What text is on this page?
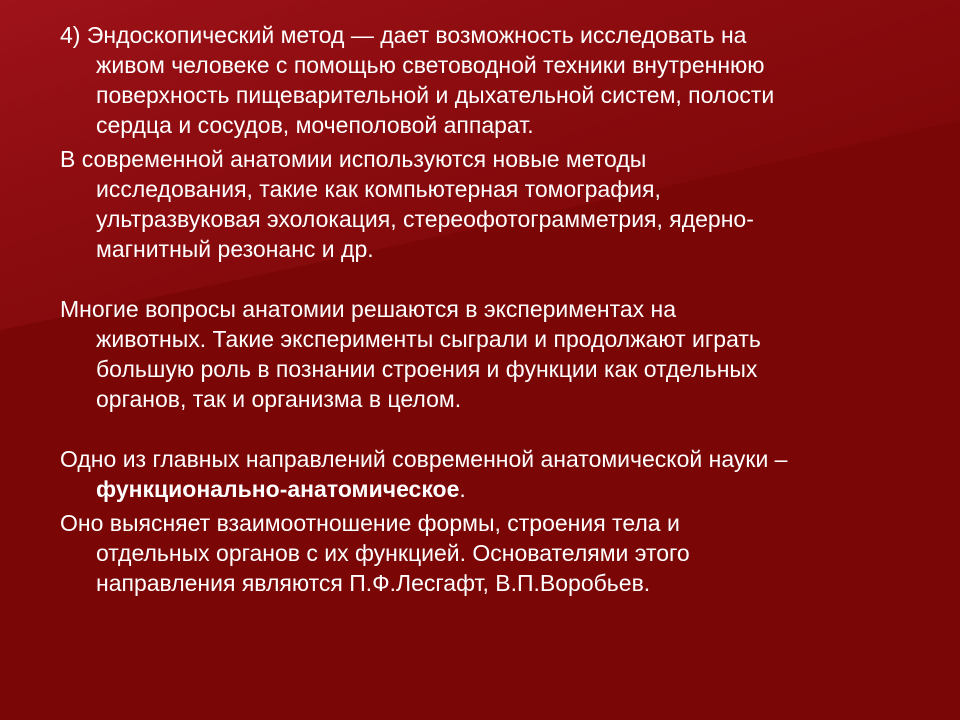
4) Эндоскопический метод — дает возможность исследовать на
живом человеке с помощью световодной техники внутреннюю
поверхность пищеварительной и дыхательной систем, полости
сердца и сосудов, мочеполовой аппарат.
В современной анатомии используются новые методы
исследования, такие как компьютерная томография,
ультразвуковая эхолокация, стереофотограмметрия, ядерно-
магнитный резонанс и др.
Многие вопросы анатомии решаются в экспериментах на
животных. Такие эксперименты сыграли и продолжают играть
большую роль в познании строения и функции как отдельных
органов, так и организма в целом.
Одно из главных направлений современной анатомической науки –
функционально-анатомическое.
Оно выясняет взаимоотношение формы, строения тела и
отдельных органов с их функцией. Основателями этого
направления являются П.Ф.Лесгафт, В.П.Воробьев.
